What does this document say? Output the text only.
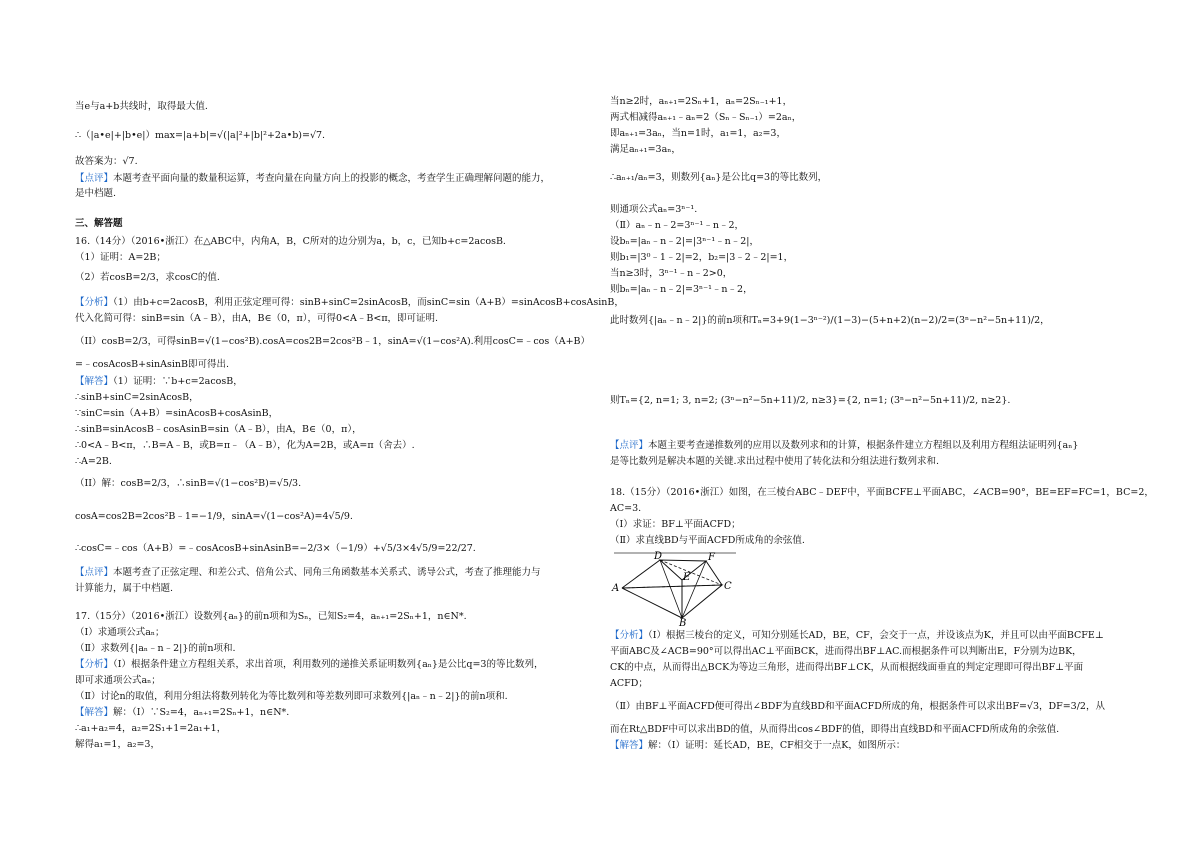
当e与a+b共线时，取得最大值.
∴（|a•e|+|b•e|）max=|a+b|=√(|a|²+|b|²+2a•b)=√7.
故答案为：√7.
【点评】本题考查平面向量的数量积运算，考查向量在向量方向上的投影的概念，考查学生正确理解问题的能力，
是中档题.
三、解答题
16.（14分）（2016•浙江）在△ABC中，内角A，B，C所对的边分别为a，b，c，已知b+c=2acosB.
（1）证明：A=2B；
（2）若cosB=2/3，求cosC的值.
【分析】（1）由b+c=2acosB，利用正弦定理可得：sinB+sinC=2sinAcosB，而sinC=sin（A+B）=sinAcosB+cosAsinB，
代入化简可得：sinB=sin（A﹣B），由A，B∈（0，π），可得0<A﹣B<π，即可证明.
（II）cosB=2/3，可得sinB=√(1−cos²B).cosA=cos2B=2cos²B﹣1，sinA=√(1−cos²A).利用cosC=﹣cos（A+B）
=﹣cosAcosB+sinAsinB即可得出.
【解答】（1）证明：∵b+c=2acosB，
∴sinB+sinC=2sinAcosB，
∵sinC=sin（A+B）=sinAcosB+cosAsinB，
∴sinB=sinAcosB﹣cosAsinB=sin（A﹣B），由A，B∈（0，π），
∴0<A﹣B<π，∴B=A﹣B，或B=π﹣（A﹣B），化为A=2B，或A=π（舍去）.
∴A=2B.
（II）解：cosB=2/3，∴sinB=√(1−cos²B)=√5/3.
cosA=cos2B=2cos²B﹣1=−1/9，sinA=√(1−cos²A)=4√5/9.
∴cosC=﹣cos（A+B）=﹣cosAcosB+sinAsinB=−2/3×（−1/9）+√5/3×4√5/9=22/27.
【点评】本题考查了正弦定理、和差公式、倍角公式、同角三角函数基本关系式、诱导公式，考查了推理能力与
计算能力，属于中档题.
17.（15分）（2016•浙江）设数列{aₙ}的前n项和为Sₙ，已知S₂=4，aₙ₊₁=2Sₙ+1，n∈N*.
（Ⅰ）求通项公式aₙ；
（Ⅱ）求数列{|aₙ﹣n﹣2|}的前n项和.
【分析】（Ⅰ）根据条件建立方程组关系，求出首项，利用数列的递推关系证明数列{aₙ}是公比q=3的等比数列，
即可求通项公式aₙ；
（Ⅱ）讨论n的取值，利用分组法将数列转化为等比数列和等差数列即可求数列{|aₙ﹣n﹣2|}的前n项和.
【解答】解：（Ⅰ）∵S₂=4，aₙ₊₁=2Sₙ+1，n∈N*.
∴a₁+a₂=4，a₂=2S₁+1=2a₁+1，
解得a₁=1，a₂=3，
当n≥2时，aₙ₊₁=2Sₙ+1，aₙ=2Sₙ₋₁+1，
两式相减得aₙ₊₁﹣aₙ=2（Sₙ﹣Sₙ₋₁）=2aₙ，
即aₙ₊₁=3aₙ，当n=1时，a₁=1，a₂=3，
满足aₙ₊₁=3aₙ，
∴aₙ₊₁/aₙ=3，则数列{aₙ}是公比q=3的等比数列，
则通项公式aₙ=3ⁿ⁻¹.
（Ⅱ）aₙ﹣n﹣2=3ⁿ⁻¹﹣n﹣2，
设bₙ=|aₙ﹣n﹣2|=|3ⁿ⁻¹﹣n﹣2|，
则b₁=|3⁰﹣1﹣2|=2，b₂=|3﹣2﹣2|=1，
当n≥3时，3ⁿ⁻¹﹣n﹣2>0，
则bₙ=|aₙ﹣n﹣2|=3ⁿ⁻¹﹣n﹣2，
此时数列{|aₙ﹣n﹣2|}的前n项和Tₙ=3+9(1−3ⁿ⁻²)/(1−3)−(5+n+2)(n−2)/2=(3ⁿ−n²−5n+11)/2，
则Tₙ={2, n=1; 3, n=2; (3ⁿ−n²−5n+11)/2, n≥3}={2, n=1; (3ⁿ−n²−5n+11)/2, n≥2}.
【点评】本题主要考查递推数列的应用以及数列求和的计算，根据条件建立方程组以及利用方程组法证明列{aₙ}
是等比数列是解决本题的关键.求出过程中使用了转化法和分组法进行数列求和.
18.（15分）（2016•浙江）如图，在三棱台ABC﹣DEF中，平面BCFE⊥平面ABC，∠ACB=90°，BE=EF=FC=1，BC=2，
AC=3.
（Ⅰ）求证：BF⊥平面ACFD；
（Ⅱ）求直线BD与平面ACFD所成角的余弦值.
A
B
C
D
E
F
【分析】（Ⅰ）根据三棱台的定义，可知分别延长AD，BE，CF，会交于一点，并设该点为K，并且可以由平面BCFE⊥
平面ABC及∠ACB=90°可以得出AC⊥平面BCK，进而得出BF⊥AC.而根据条件可以判断出E，F分别为边BK，
CK的中点，从而得出△BCK为等边三角形，进而得出BF⊥CK，从而根据线面垂直的判定定理即可得出BF⊥平面
ACFD；
（Ⅱ）由BF⊥平面ACFD便可得出∠BDF为直线BD和平面ACFD所成的角，根据条件可以求出BF=√3，DF=3/2，从
而在Rt△BDF中可以求出BD的值，从而得出cos∠BDF的值，即得出直线BD和平面ACFD所成角的余弦值.
【解答】解：（Ⅰ）证明：延长AD，BE，CF相交于一点K，如图所示：
